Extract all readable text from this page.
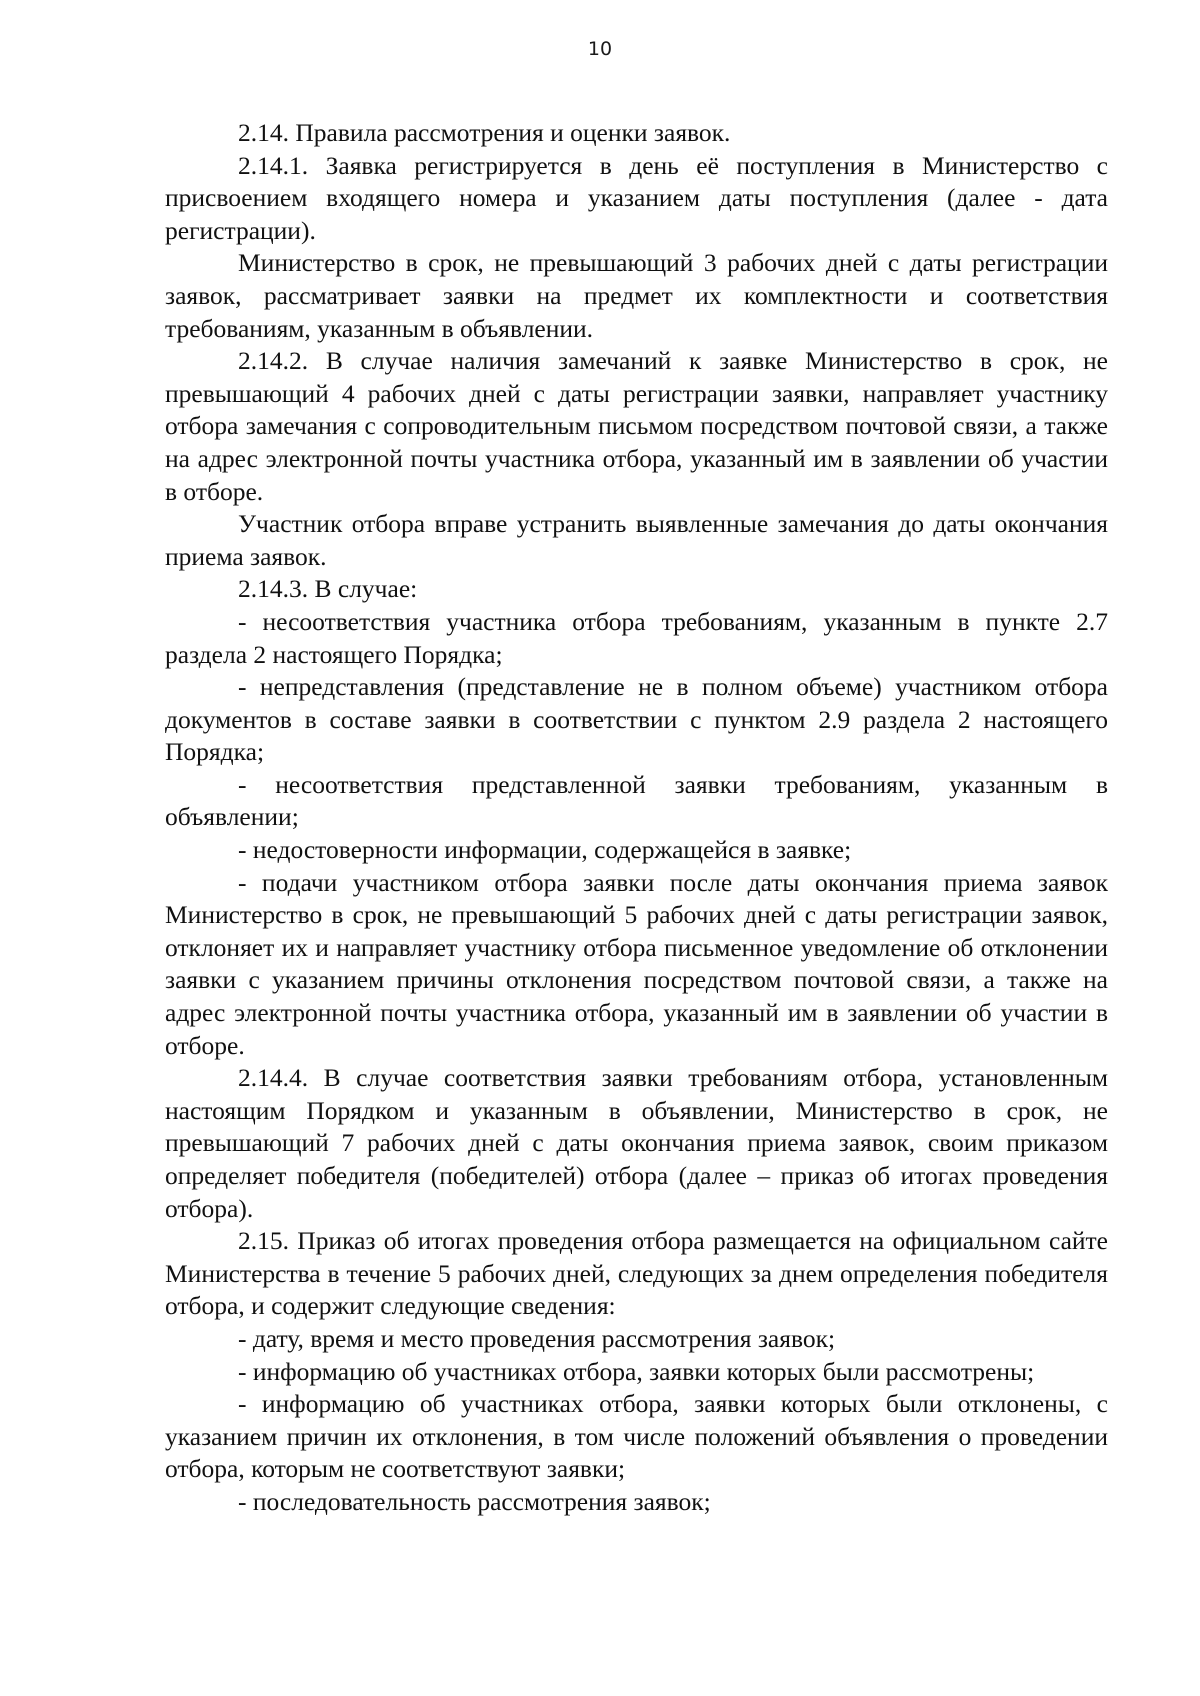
10

2.14. Правила рассмотрения и оценки заявок.

2.14.1. Заявка регистрируется в день её поступления в Министерство с присвоением входящего номера и указанием даты поступления (далее - дата регистрации).

Министерство в срок, не превышающий 3 рабочих дней с даты регистрации заявок, рассматривает заявки на предмет их комплектности и соответствия требованиям, указанным в объявлении.

2.14.2. В случае наличия замечаний к заявке Министерство в срок, не превышающий 4 рабочих дней с даты регистрации заявки, направляет участнику отбора замечания с сопроводительным письмом посредством почтовой связи, а также на адрес электронной почты участника отбора, указанный им в заявлении об участии в отборе.

Участник отбора вправе устранить выявленные замечания до даты окончания приема заявок.

2.14.3. В случае:

- несоответствия участника отбора требованиям, указанным в пункте 2.7 раздела 2 настоящего Порядка;

- непредставления (представление не в полном объеме) участником отбора документов в составе заявки в соответствии с пунктом 2.9 раздела 2 настоящего Порядка;

- несоответствия представленной заявки требованиям, указанным в объявлении;

- недостоверности информации, содержащейся в заявке;

- подачи участником отбора заявки после даты окончания приема заявок Министерство в срок, не превышающий 5 рабочих дней с даты регистрации заявок, отклоняет их и направляет участнику отбора письменное уведомление об отклонении заявки с указанием причины отклонения посредством почтовой связи, а также на адрес электронной почты участника отбора, указанный им в заявлении об участии в отборе.

2.14.4. В случае соответствия заявки требованиям отбора, установленным настоящим Порядком и указанным в объявлении, Министерство в срок, не превышающий 7 рабочих дней с даты окончания приема заявок, своим приказом определяет победителя (победителей) отбора (далее – приказ об итогах проведения отбора).

2.15. Приказ об итогах проведения отбора размещается на официальном сайте Министерства в течение 5 рабочих дней, следующих за днем определения победителя отбора, и содержит следующие сведения:

- дату, время и место проведения рассмотрения заявок;

- информацию об участниках отбора, заявки которых были рассмотрены;

- информацию об участниках отбора, заявки которых были отклонены, с указанием причин их отклонения, в том числе положений объявления о проведении отбора, которым не соответствуют заявки;

- последовательность рассмотрения заявок;
